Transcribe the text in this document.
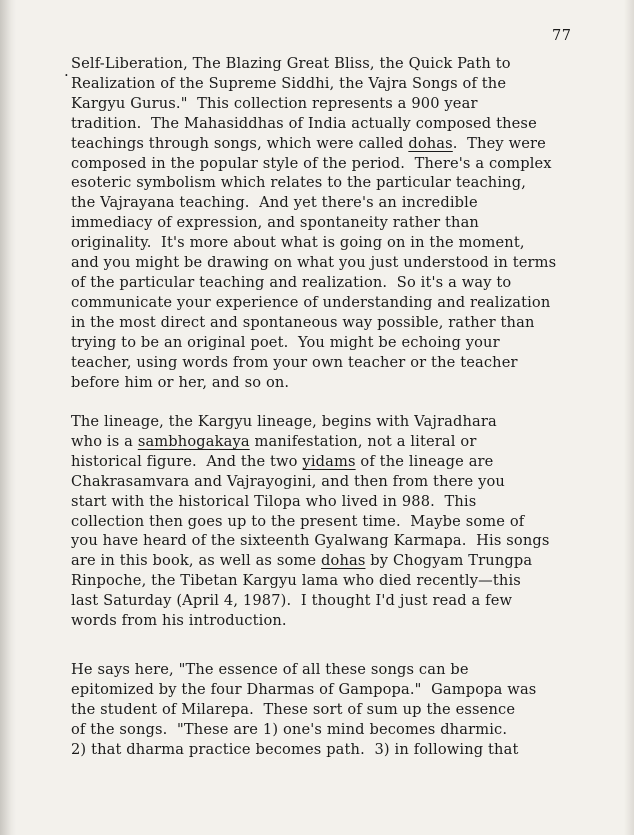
77
. Self-Liberation, The Blazing Great Bliss, the Quick Path to
Realization of the Supreme Siddhi, the Vajra Songs of the
Kargyu Gurus."  This collection represents a 900 year
tradition.  The Mahasiddhas of India actually composed these
teachings through songs, which were called dohas.  They were
composed in the popular style of the period.  There's a complex
esoteric symbolism which relates to the particular teaching,
the Vajrayana teaching.  And yet there's an incredible
immediacy of expression, and spontaneity rather than
originality.  It's more about what is going on in the moment,
and you might be drawing on what you just understood in terms
of the particular teaching and realization.  So it's a way to
communicate your experience of understanding and realization
in the most direct and spontaneous way possible, rather than
trying to be an original poet.  You might be echoing your
teacher, using words from your own teacher or the teacher
before him or her, and so on.
The lineage, the Kargyu lineage, begins with Vajradhara
who is a sambhogakaya manifestation, not a literal or
historical figure.  And the two yidams of the lineage are
Chakrasamvara and Vajrayogini, and then from there you
start with the historical Tilopa who lived in 988.  This
collection then goes up to the present time.  Maybe some of
you have heard of the sixteenth Gyalwang Karmapa.  His songs
are in this book, as well as some dohas by Chogyam Trungpa
Rinpoche, the Tibetan Kargyu lama who died recently—this
last Saturday (April 4, 1987).  I thought I'd just read a few
words from his introduction.
He says here, "The essence of all these songs can be
epitomized by the four Dharmas of Gampopa."  Gampopa was
the student of Milarepa.  These sort of sum up the essence
of the songs.  "These are 1) one's mind becomes dharmic.
2) that dharma practice becomes path.  3) in following that
